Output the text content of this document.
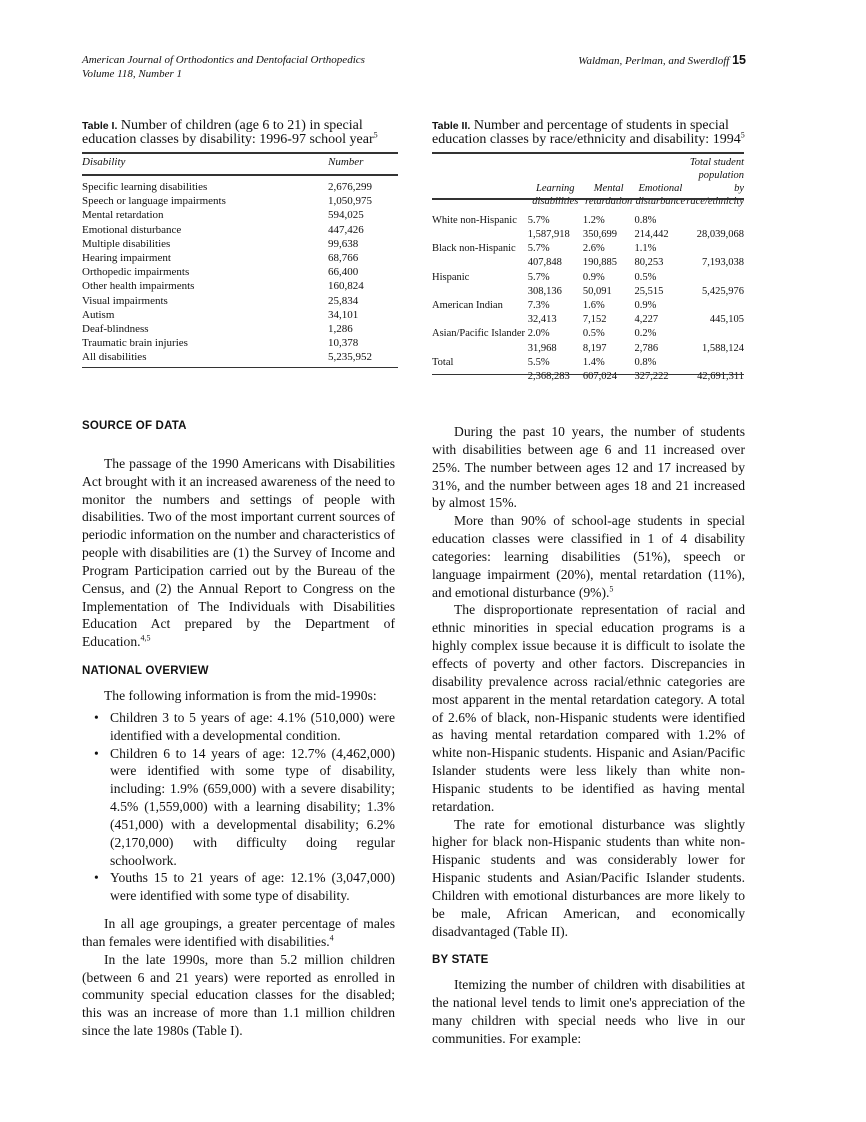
American Journal of Orthodontics and Dentofacial Orthopedics
Volume 118, Number 1
Waldman, Perlman, and Swerdloff 15
Table I. Number of children (age 6 to 21) in special education classes by disability: 1996-97 school year$^5$
Disability	Number
Specific learning disabilities	2,676,299
Speech or language impairments	1,050,975
Mental retardation	594,025
Emotional disturbance	447,426
Multiple disabilities	99,638
Hearing impairment	68,766
Orthopedic impairments	66,400
Other health impairments	160,824
Visual impairments	25,834
Autism	34,101
Deaf-blindness	1,286
Traumatic brain injuries	10,378
All disabilities	5,235,952
Table II. Number and percentage of students in special education classes by race/ethnicity and disability: 1994$^5$
	Learning disabilities	Mental retardation	Emotional disturbance	Total student population by race/ethnicity
White non-Hispanic	5.7%	1.2%	0.8%	
	1,587,918	350,699	214,442	28,039,068
Black non-Hispanic	5.7%	2.6%	1.1%	
	407,848	190,885	80,253	7,193,038
Hispanic	5.7%	0.9%	0.5%	
	308,136	50,091	25,515	5,425,976
American Indian	7.3%	1.6%	0.9%	
	32,413	7,152	4,227	445,105
Asian/Pacific Islander	2.0%	0.5%	0.2%	
	31,968	8,197	2,786	1,588,124
Total	5.5%	1.4%	0.8%	
	2,368,283	607,024	327,222	42,691,311
SOURCE OF DATA

The passage of the 1990 Americans with Disabilities Act brought with it an increased awareness of the need to monitor the numbers and settings of people with disabilities. Two of the most important current sources of periodic information on the number and characteristics of people with disabilities are (1) the Survey of Income and Program Participation carried out by the Bureau of the Census, and (2) the Annual Report to Congress on the Implementation of The Individuals with Disabilities Education Act prepared by the Department of Education.$^{4,5}$

NATIONAL OVERVIEW

The following information is from the mid-1990s:

• Children 3 to 5 years of age: 4.1% (510,000) were identified with a developmental condition.
• Children 6 to 14 years of age: 12.7% (4,462,000) were identified with some type of disability, including: 1.9% (659,000) with a severe disability; 4.5% (1,559,000) with a learning disability; 1.3% (451,000) with a developmental disability; 6.2% (2,170,000) with difficulty doing regular schoolwork.
• Youths 15 to 21 years of age: 12.1% (3,047,000) were identified with some type of disability.

In all age groupings, a greater percentage of males than females were identified with disabilities.$^4$

In the late 1990s, more than 5.2 million children (between 6 and 21 years) were reported as enrolled in community special education classes for the disabled; this was an increase of more than 1.1 million children since the late 1980s (Table I).

During the past 10 years, the number of students with disabilities between age 6 and 11 increased over 25%. The number between ages 12 and 17 increased by 31%, and the number between ages 18 and 21 increased by almost 15%.

More than 90% of school-age students in special education classes were classified in 1 of 4 disability categories: learning disabilities (51%), speech or language impairment (20%), mental retardation (11%), and emotional disturbance (9%).$^5$

The disproportionate representation of racial and ethnic minorities in special education programs is a highly complex issue because it is difficult to isolate the effects of poverty and other factors. Discrepancies in disability prevalence across racial/ethnic categories are most apparent in the mental retardation category. A total of 2.6% of black, non-Hispanic students were identified as having mental retardation compared with 1.2% of white non-Hispanic students. Hispanic and Asian/Pacific Islander students were less likely than white non-Hispanic students to be identified as having mental retardation.

The rate for emotional disturbance was slightly higher for black non-Hispanic students than white non-Hispanic students and was considerably lower for Hispanic students and Asian/Pacific Islander students. Children with emotional disturbances are more likely to be male, African American, and economically disadvantaged (Table II).

BY STATE

Itemizing the number of children with disabilities at the national level tends to limit one's appreciation of the many children with special needs who live in our communities. For example:
